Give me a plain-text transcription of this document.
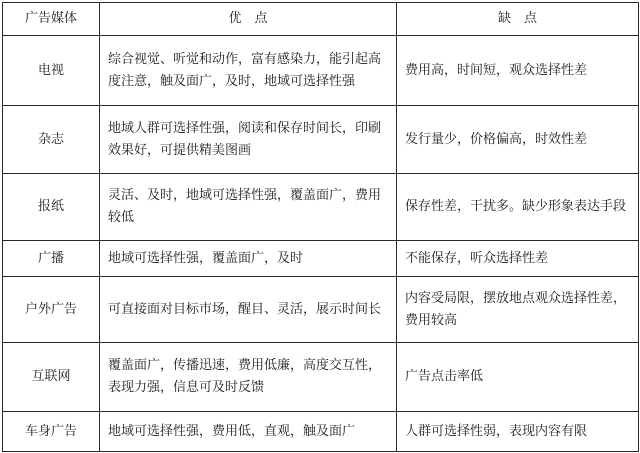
广告媒体	优　点	缺　点
电视	综合视觉、听觉和动作，富有感染力，能引起高度注意，触及面广，及时，地域可选择性强	费用高，时间短，观众选择性差
杂志	地域人群可选择性强，阅读和保存时间长，印刷效果好，可提供精美图画	发行量少，价格偏高，时效性差
报纸	灵活、及时，地域可选择性强，覆盖面广，费用较低	保存性差，干扰多。缺少形象表达手段
广播	地域可选择性强，覆盖面广，及时	不能保存，听众选择性差
户外广告	可直接面对目标市场，醒目、灵活，展示时间长	内容受局限，摆放地点观众选择性差，费用较高
互联网	覆盖面广，传播迅速，费用低廉，高度交互性，表现力强，信息可及时反馈	广告点击率低
车身广告	地域可选择性强，费用低，直观，触及面广	人群可选择性弱，表现内容有限
